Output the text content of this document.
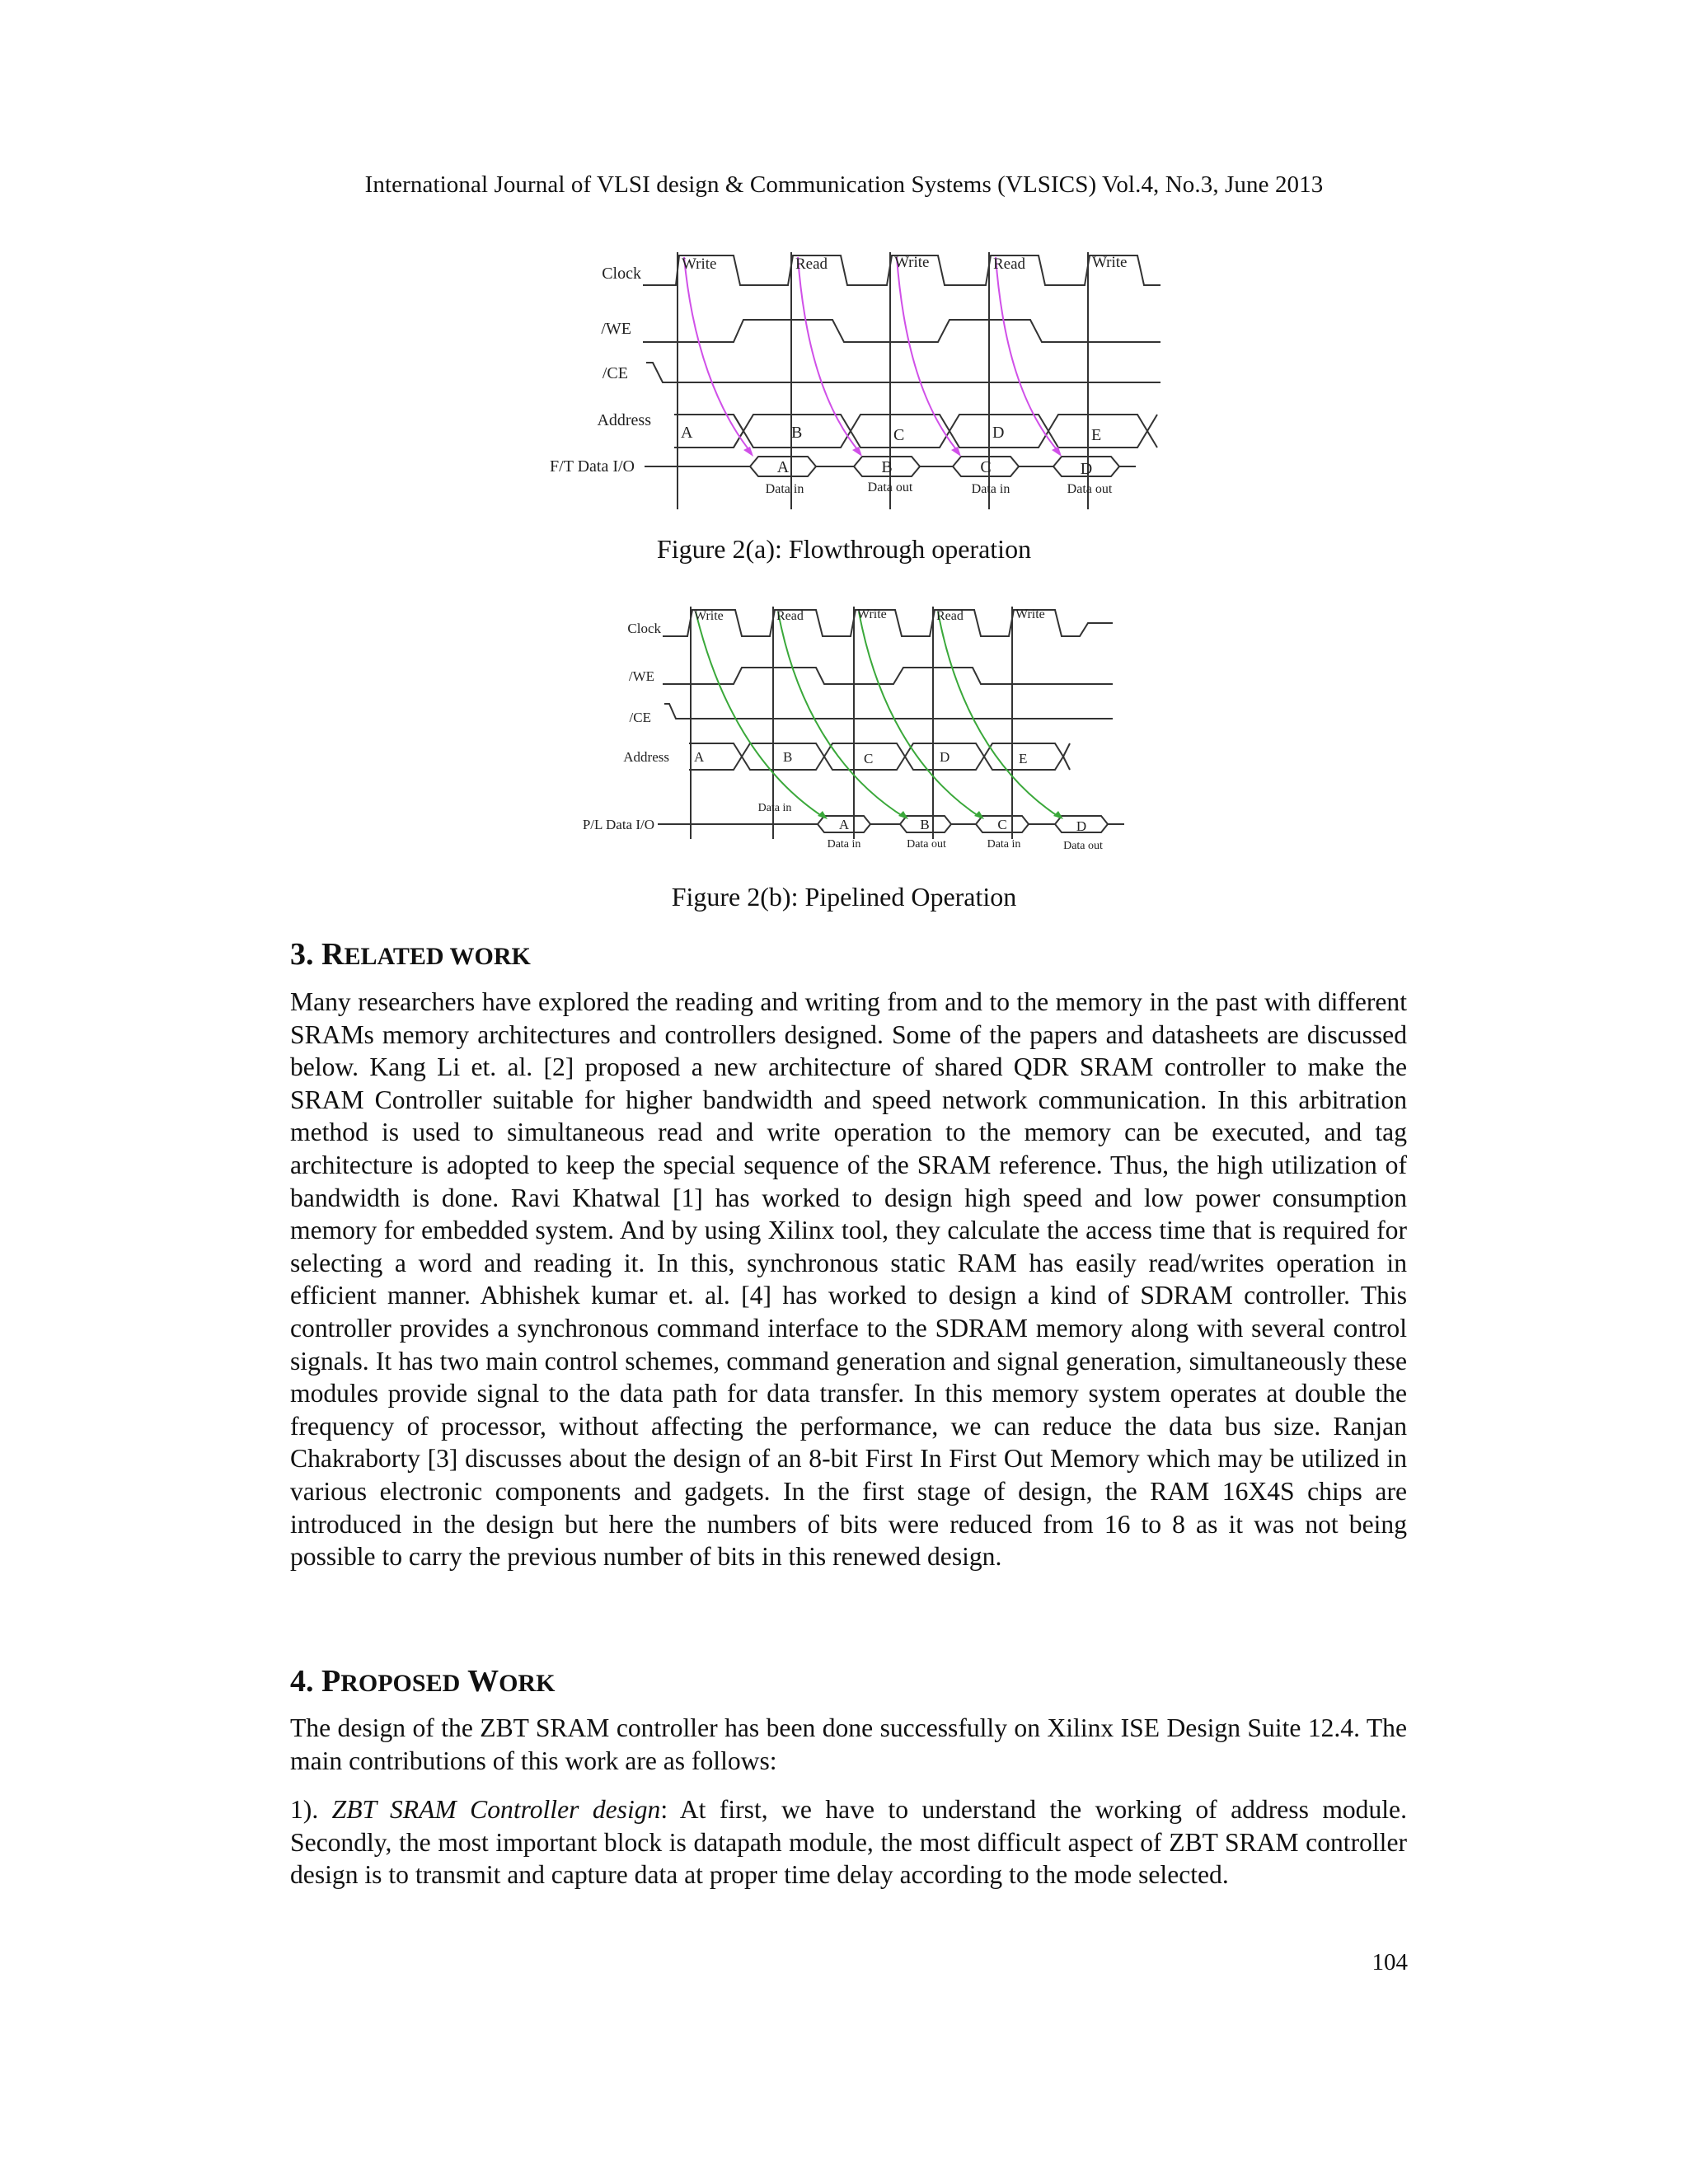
International Journal of VLSI design & Communication Systems (VLSICS) Vol.4, No.3, June 2013
Clock
/WE
/CE
Address
F/T Data I/O
Write	Read	Write	Read	Write
A	B	C	D	E
A	B	C	D
Data in	Data out	Data in	Data out
Figure 2(a): Flowthrough operation
Clock
/WE
/CE
Address
P/L Data I/O
Write	Read	Write	Read	Write
A	B	C	D	E
A	B	C	D
Data in
Data in	Data out	Data in	Data out
Figure 2(b): Pipelined Operation
3. RELATED WORK
Many researchers have explored the reading and writing from and to the memory in the past with different SRAMs memory architectures and controllers designed. Some of the papers and datasheets are discussed below. Kang Li et. al. [2] proposed a new architecture of shared QDR SRAM controller to make the SRAM Controller suitable for higher bandwidth and speed network communication. In this arbitration method is used to simultaneous read and write operation to the memory can be executed, and tag architecture is adopted to keep the special sequence of the SRAM reference. Thus, the high utilization of bandwidth is done. Ravi Khatwal [1] has worked to design high speed and low power consumption memory for embedded system. And by using Xilinx tool, they calculate the access time that is required for selecting a word and reading it. In this, synchronous static RAM has easily read/writes operation in efficient manner. Abhishek kumar et. al. [4] has worked to design a kind of SDRAM controller. This controller provides a synchronous command interface to the SDRAM memory along with several control signals. It has two main control schemes, command generation and signal generation, simultaneously these modules provide signal to the data path for data transfer. In this memory system operates at double the frequency of processor, without affecting the performance, we can reduce the data bus size. Ranjan Chakraborty [3] discusses about the design of an 8-bit First In First Out Memory which may be utilized in various electronic components and gadgets. In the first stage of design, the RAM 16X4S chips are introduced in the design but here the numbers of bits were reduced from 16 to 8 as it was not being possible to carry the previous number of bits in this renewed design.
4. PROPOSED WORK
The design of the ZBT SRAM controller has been done successfully on Xilinx ISE Design Suite 12.4. The main contributions of this work are as follows:
1). ZBT SRAM Controller design: At first, we have to understand the working of address module. Secondly, the most important block is datapath module, the most difficult aspect of ZBT SRAM controller design is to transmit and capture data at proper time delay according to the mode selected.
104
